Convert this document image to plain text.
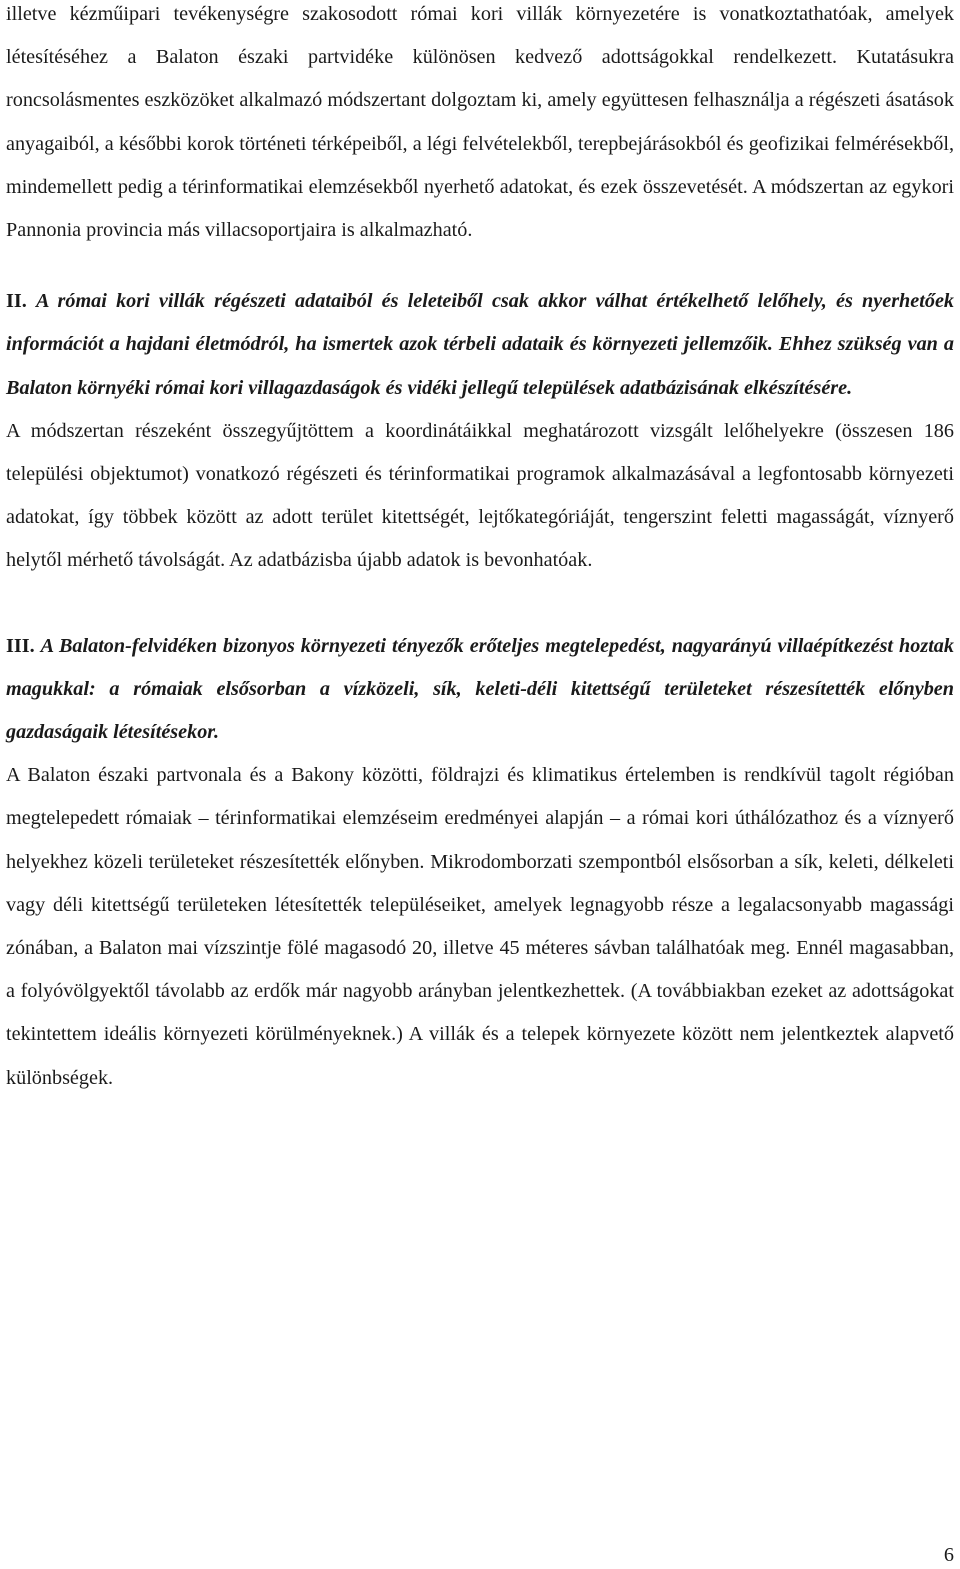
illetve kézműipari tevékenységre szakosodott római kori villák környezetére is vonatkoztathatóak, amelyek létesítéséhez a Balaton északi partvidéke különösen kedvező adottságokkal rendelkezett. Kutatásukra roncsolásmentes eszközöket alkalmazó módszertant dolgoztam ki, amely együttesen felhasználja a régészeti ásatások anyagaiból, a későbbi korok történeti térképeiből, a légi felvételekből, terepbejárásokból és geofizikai felmérésekből, mindemellett pedig a térinformatikai elemzésekből nyerhető adatokat, és ezek összevetését. A módszertan az egykori Pannonia provincia más villacsoportjaira is alkalmazható.

II. A római kori villák régészeti adataiból és leleteiből csak akkor válhat értékelhető lelőhely, és nyerhetőek információt a hajdani életmódról, ha ismertek azok térbeli adataik és környezeti jellemzőik. Ehhez szükség van a Balaton környéki római kori villagazdaságok és vidéki jellegű települések adatbázisának elkészítésére.

A módszertan részeként összegyűjtöttem a koordinátáikkal meghatározott vizsgált lelőhelyekre (összesen 186 települési objektumot) vonatkozó régészeti és térinformatikai programok alkalmazásával a legfontosabb környezeti adatokat, így többek között az adott terület kitettségét, lejtőkategóriáját, tengerszint feletti magasságát, víznyerő helytől mérhető távolságát. Az adatbázisba újabb adatok is bevonhatóak.

III. A Balaton-felvidéken bizonyos környezeti tényezők erőteljes megtelepedést, nagyarányú villaépítkezést hoztak magukkal: a rómaiak elsősorban a vízközeli, sík, keleti-déli kitettségű területeket részesítették előnyben gazdaságaik létesítésekor.

A Balaton északi partvonala és a Bakony közötti, földrajzi és klimatikus értelemben is rendkívül tagolt régióban megtelepedett rómaiak – térinformatikai elemzéseim eredményei alapján – a római kori úthálózathoz és a víznyerő helyekhez közeli területeket részesítették előnyben. Mikrodomborzati szempontból elsősorban a sík, keleti, délkeleti vagy déli kitettségű területeken létesítették településeiket, amelyek legnagyobb része a legalacsonyabb magassági zónában, a Balaton mai vízszintje fölé magasodó 20, illetve 45 méteres sávban találhatóak meg. Ennél magasabban, a folyóvölgyektől távolabb az erdők már nagyobb arányban jelentkezhettek. (A továbbiakban ezeket az adottságokat tekintettem ideális környezeti körülményeknek.) A villák és a telepek környezete között nem jelentkeztek alapvető különbségek.

6
